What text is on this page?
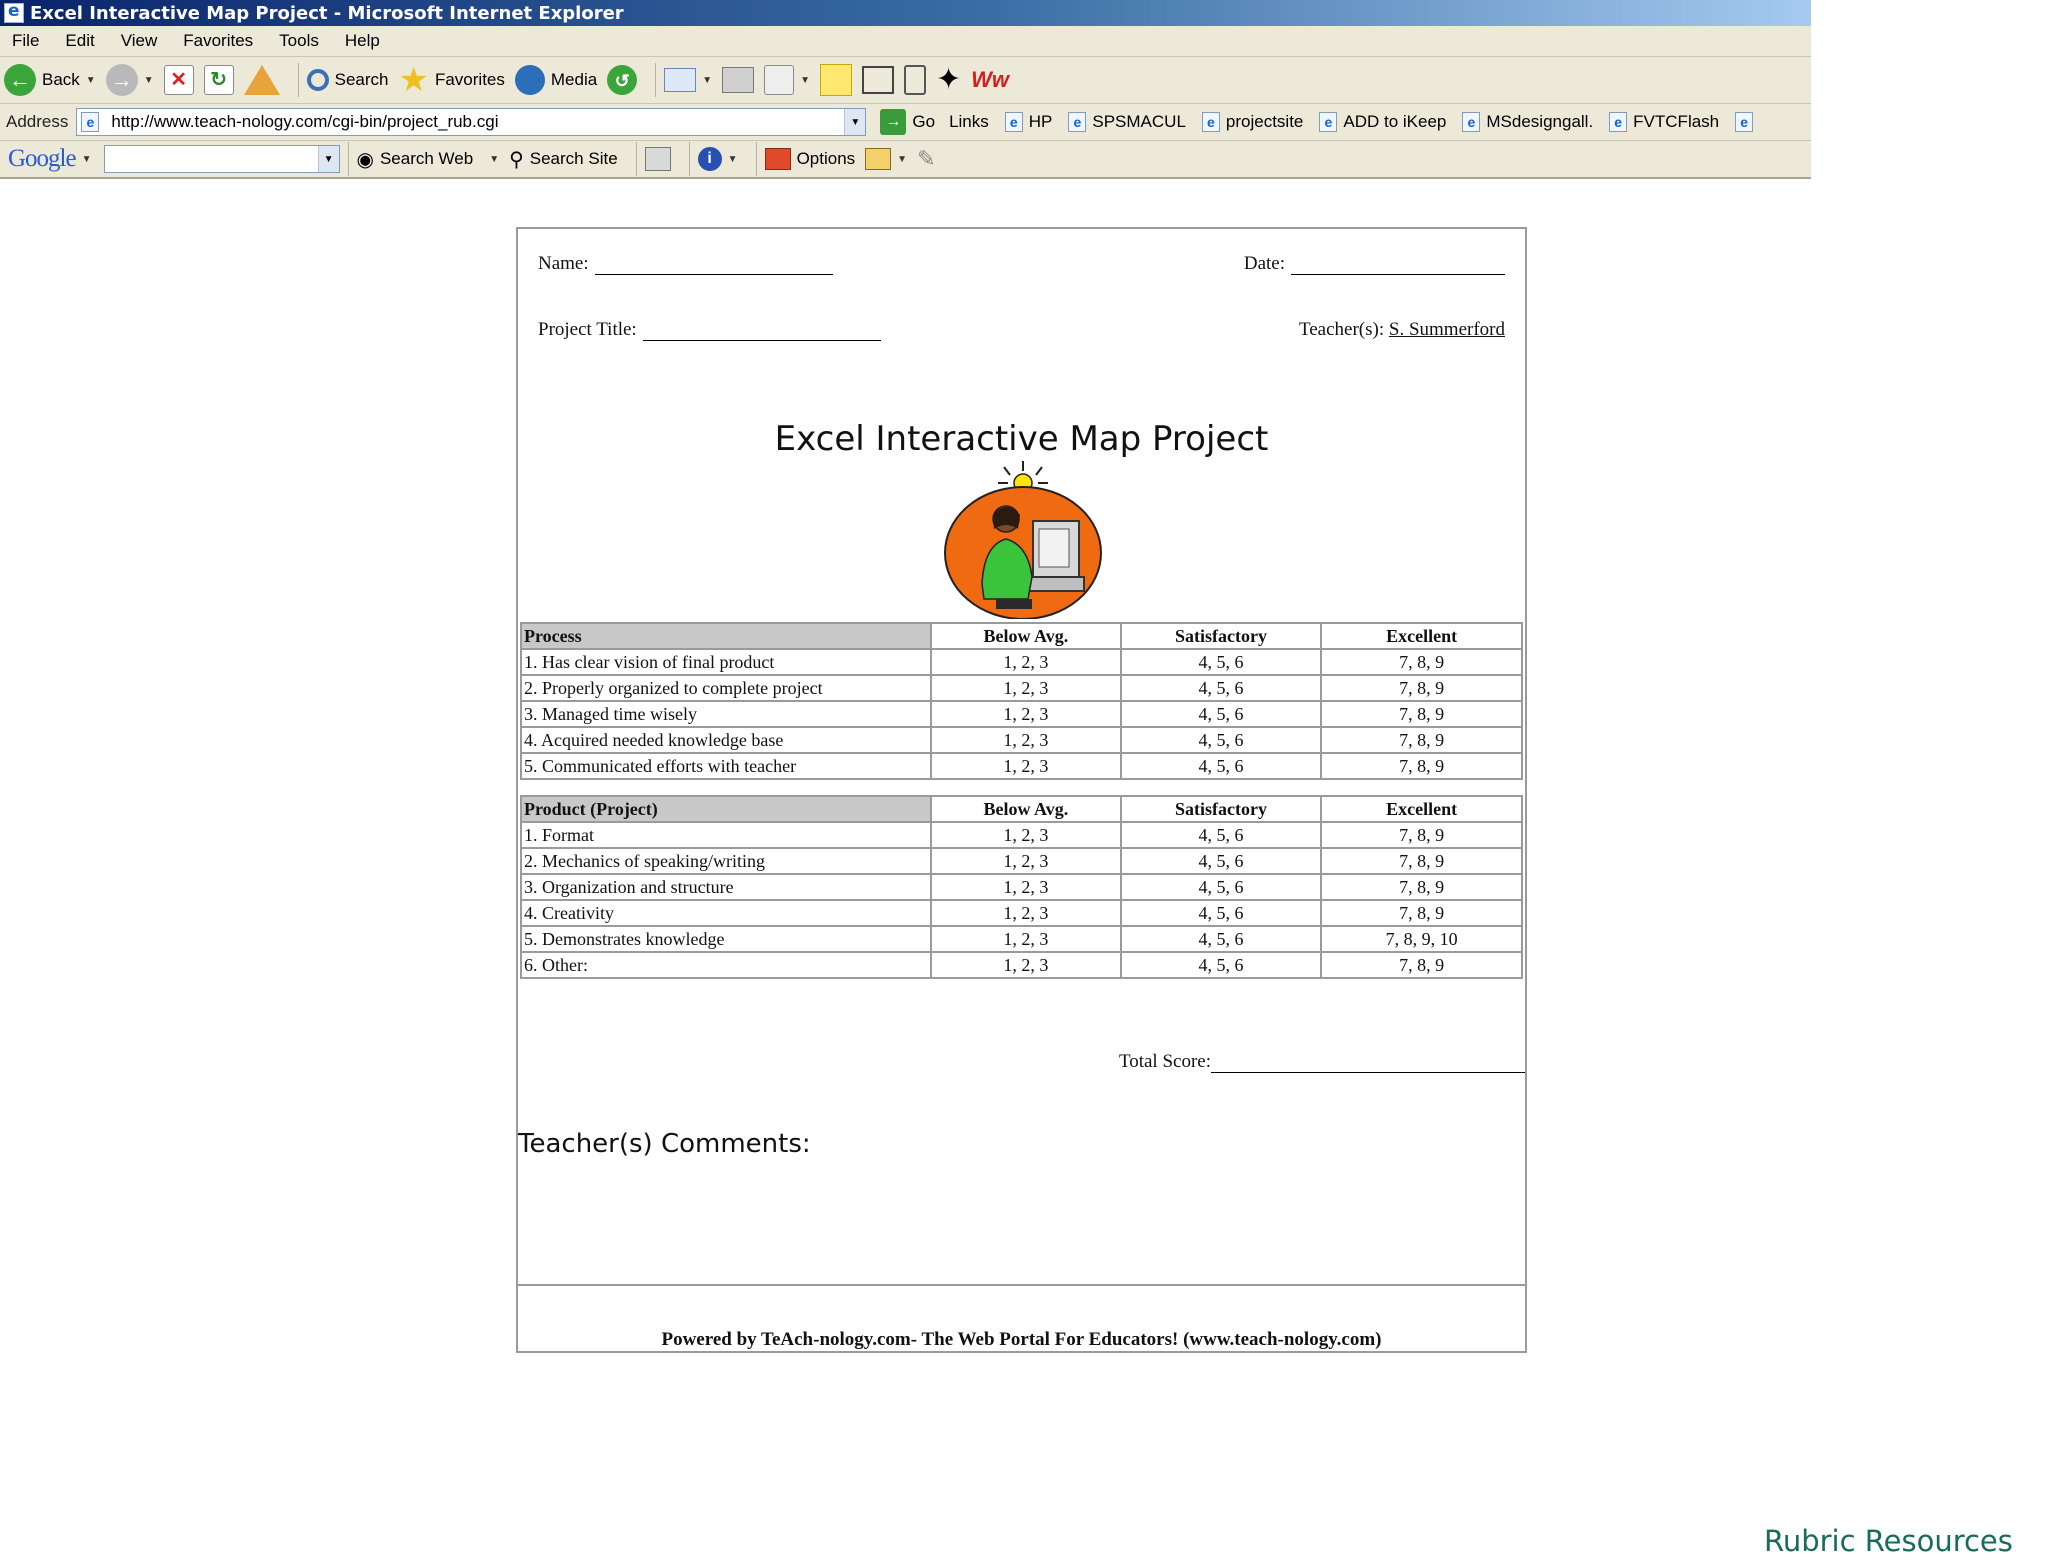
e
Excel Interactive Map Project - Microsoft Internet Explorer
File	Edit	View	Favorites	Tools	Help
← Back ▼ →	▼ ✕	↻	Search ★ Favorites	Media ↺	▼	▼	✦ Ww
Address	e	http://www.teach-nology.com/cgi-bin/project_rub.cgi	▼	→ Go Links	e HP	e SPSMACUL	e projectsite	e ADD to iKeep	e MSdesigngall.	e FVTCFlash	e
Google ▼	▼ ◉ Search Web ▼ ⚲ Search Site	i	▼	Options	▼ ✎
Name:	Date:
Project Title:	Teacher(s): S. Summerford
Excel Interactive Map Project
Process	Below Avg.	Satisfactory	Excellent
1. Has clear vision of final product	1, 2, 3	4, 5, 6	7, 8, 9
2. Properly organized to complete project	1, 2, 3	4, 5, 6	7, 8, 9
3. Managed time wisely	1, 2, 3	4, 5, 6	7, 8, 9
4. Acquired needed knowledge base	1, 2, 3	4, 5, 6	7, 8, 9
5. Communicated efforts with teacher	1, 2, 3	4, 5, 6	7, 8, 9
Product (Project)	Below Avg.	Satisfactory	Excellent
1. Format	1, 2, 3	4, 5, 6	7, 8, 9
2. Mechanics of speaking/writing	1, 2, 3	4, 5, 6	7, 8, 9
3. Organization and structure	1, 2, 3	4, 5, 6	7, 8, 9
4. Creativity	1, 2, 3	4, 5, 6	7, 8, 9
5. Demonstrates knowledge	1, 2, 3	4, 5, 6	7, 8, 9, 10
6. Other:	1, 2, 3	4, 5, 6	7, 8, 9
Total Score:
Teacher(s) Comments:
Powered by TeAch-nology.com- The Web Portal For Educators! (www.teach-nology.com)
Rubric Resources
